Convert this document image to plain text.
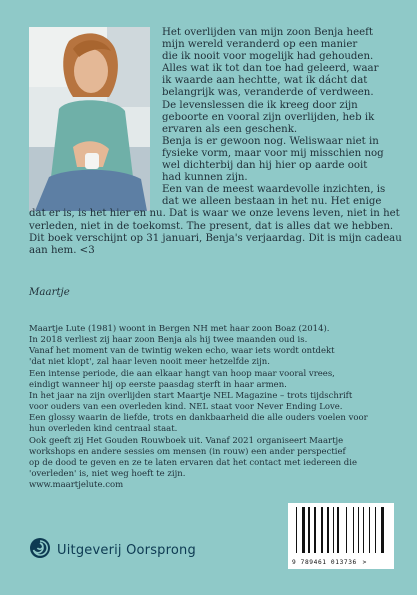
Het overlijden van mijn zoon Benja heeft

mijn wereld veranderd op een manier

die ik nooit voor mogelijk had gehouden.

Alles wat ik tot dan toe had geleerd, waar

ik waarde aan hechtte, wat ik dácht dat

belangrijk was, veranderde of verdween.

De levenslessen die ik kreeg door zijn

geboorte en vooral zijn overlijden, heb ik

ervaren als een geschenk.

Benja is er gewoon nog. Weliswaar niet in

fysieke vorm, maar voor mij misschien nog

wel dichterbij dan hij hier op aarde ooit

had kunnen zijn.

Een van de meest waardevolle inzichten, is

dat we alleen bestaan in het nu. Het enige

dat er is, is het hier en nu. Dat is waar we onze levens leven, niet in het

verleden, niet in de toekomst. The present, dat is alles dat we hebben.

Dit boek verschijnt op 31 januari, Benja's verjaardag. Dit is mijn cadeau

aan hem. <3

Maartje

Maartje Lute (1981) woont in Bergen NH met haar zoon Boaz (2014).

In 2018 verliest zij haar zoon Benja als hij twee maanden oud is.

Vanaf het moment van de twintig weken echo, waar iets wordt ontdekt

'dat niet klopt', zal haar leven nooit meer hetzelfde zijn.

Een intense periode, die aan elkaar hangt van hoop maar vooral vrees,

eindigt wanneer hij op eerste paasdag sterft in haar armen.

In het jaar na zijn overlijden start Maartje NEL Magazine – trots tijdschrift

voor ouders van een overleden kind. NEL staat voor Never Ending Love.

Een glossy waarin de liefde, trots en dankbaarheid die alle ouders voelen voor

hun overleden kind centraal staat.

Ook geeft zij Het Gouden Rouwboek uit. Vanaf 2021 organiseert Maartje

workshops en andere sessies om mensen (in rouw) een ander perspectief

op de dood te geven en ze te laten ervaren dat het contact met iedereen die

'overleden' is, niet weg hoeft te zijn.

www.maartjelute.com

Uitgeverij Oorsprong
9 789461 013736 >
